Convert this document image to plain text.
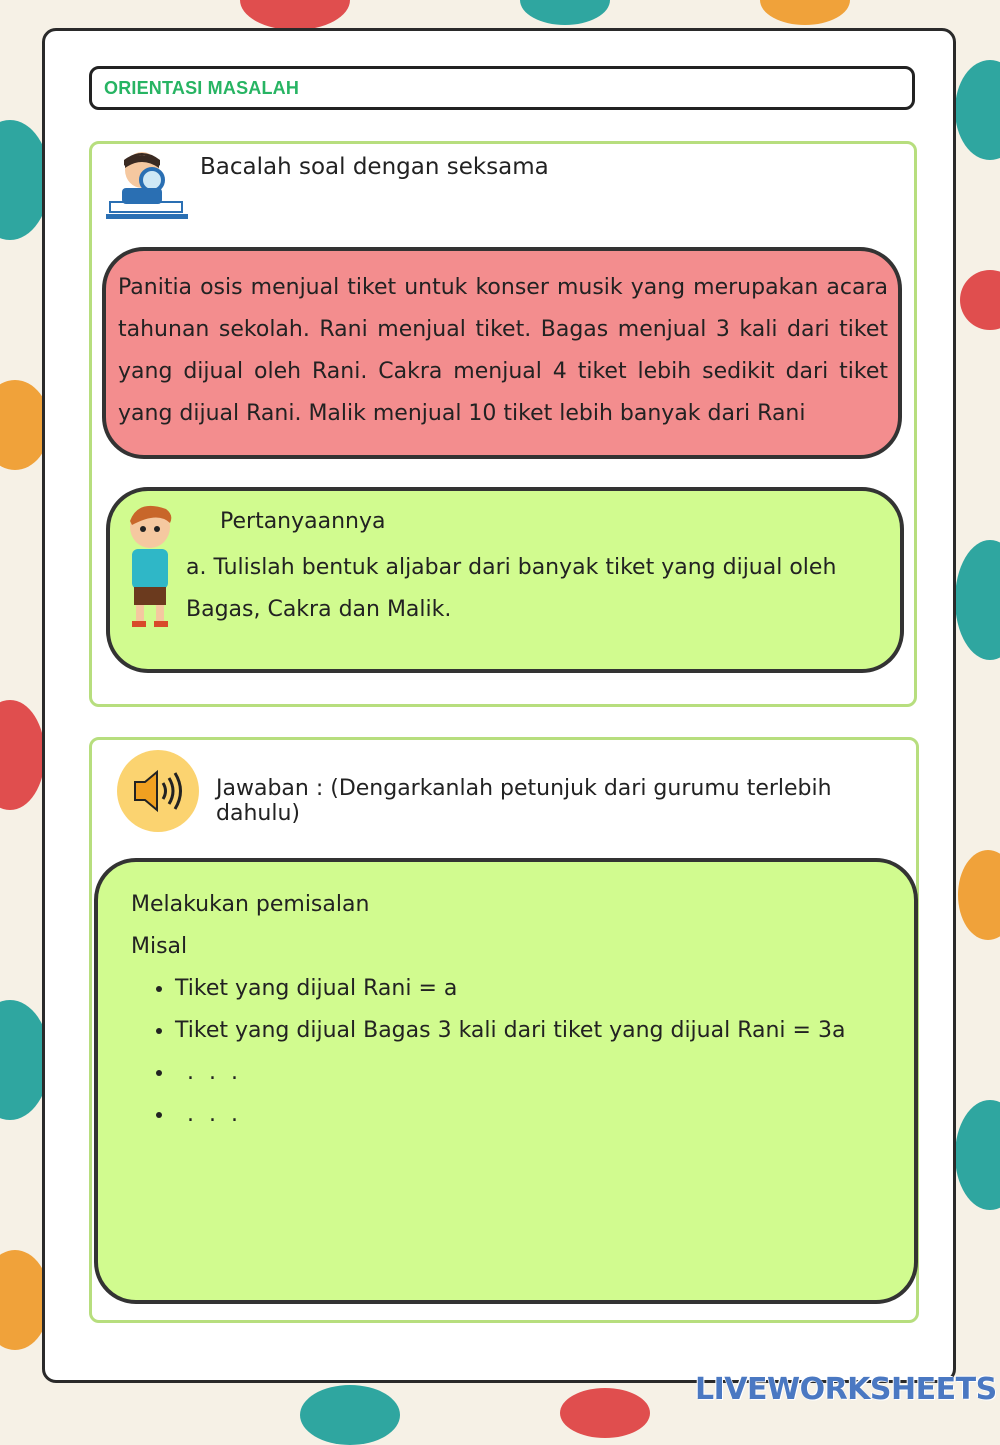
ORIENTASI MASALAH
Bacalah soal dengan seksama
Panitia osis menjual tiket untuk konser musik yang merupakan acara tahunan sekolah. Rani menjual tiket. Bagas menjual 3 kali dari tiket yang dijual oleh Rani. Cakra menjual 4 tiket lebih sedikit dari tiket yang dijual Rani. Malik menjual 10 tiket lebih banyak dari Rani
Pertanyaannya
a. Tulislah bentuk aljabar dari banyak tiket yang dijual oleh Bagas, Cakra dan Malik.
Jawaban : (Dengarkanlah petunjuk dari gurumu terlebih dahulu)
Melakukan pemisalan
Misal
• Tiket yang dijual Rani = a
• Tiket yang dijual Bagas 3 kali dari tiket yang dijual Rani = 3a
• . . .
• . . .
LIVEWORKSHEETS
